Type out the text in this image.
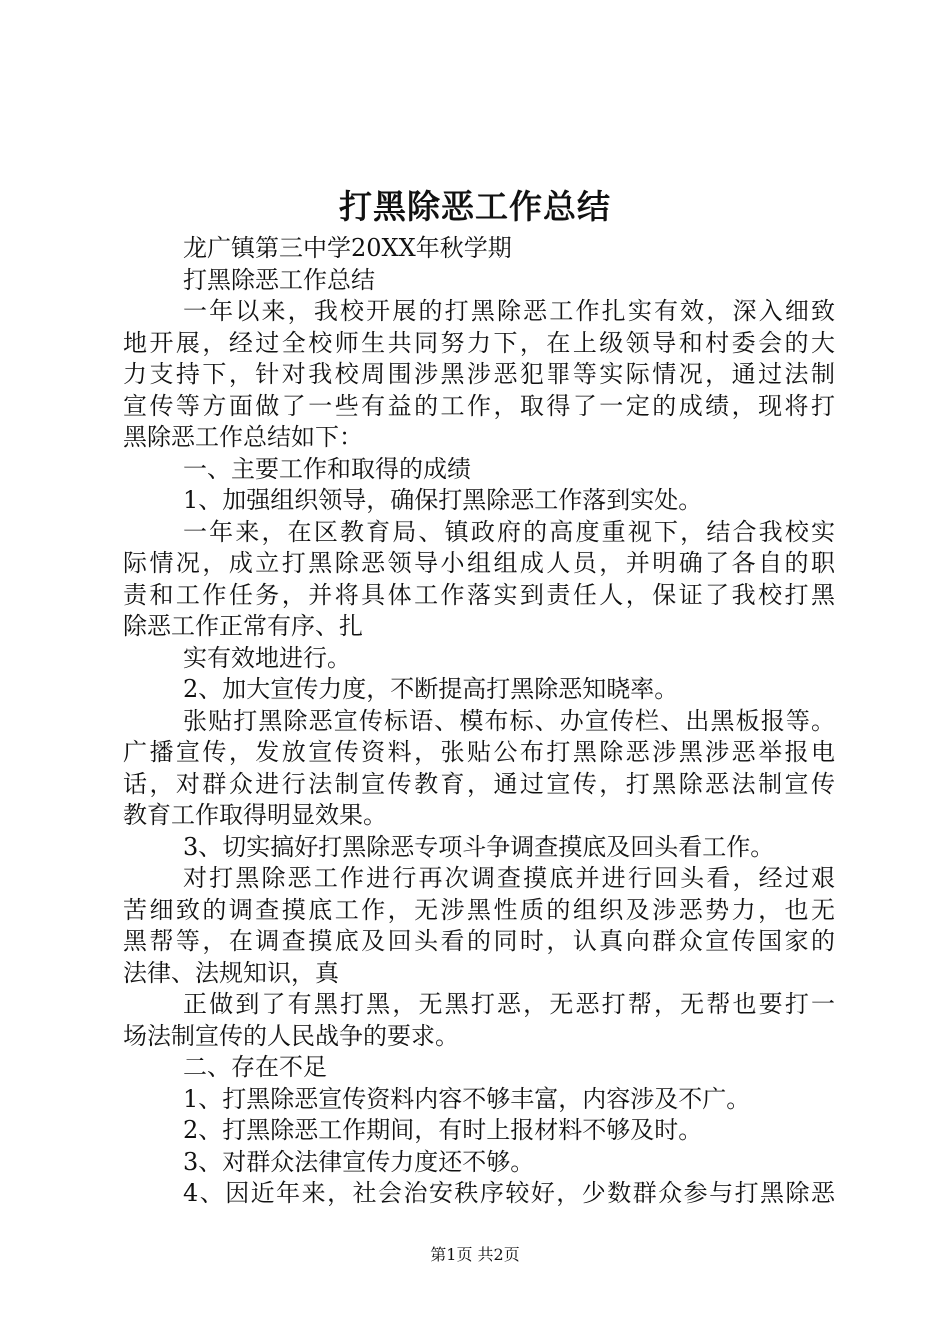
打黑除恶工作总结
龙广镇第三中学20XX年秋学期
打黑除恶工作总结
一年以来，我校开展的打黑除恶工作扎实有效，深入细致
地开展，经过全校师生共同努力下，在上级领导和村委会的大
力支持下，针对我校周围涉黑涉恶犯罪等实际情况，通过法制
宣传等方面做了一些有益的工作，取得了一定的成绩，现将打
黑除恶工作总结如下：
一、主要工作和取得的成绩
1、加强组织领导，确保打黑除恶工作落到实处。
一年来，在区教育局、镇政府的高度重视下，结合我校实
际情况，成立打黑除恶领导小组组成人员，并明确了各自的职
责和工作任务，并将具体工作落实到责任人，保证了我校打黑
除恶工作正常有序、扎
实有效地进行。
2、加大宣传力度，不断提高打黑除恶知晓率。
张贴打黑除恶宣传标语、模布标、办宣传栏、出黑板报等。
广播宣传，发放宣传资料，张贴公布打黑除恶涉黑涉恶举报电
话，对群众进行法制宣传教育，通过宣传，打黑除恶法制宣传
教育工作取得明显效果。
3、切实搞好打黑除恶专项斗争调查摸底及回头看工作。
对打黑除恶工作进行再次调查摸底并进行回头看，经过艰
苦细致的调查摸底工作，无涉黑性质的组织及涉恶势力，也无
黑帮等，在调查摸底及回头看的同时，认真向群众宣传国家的
法律、法规知识，真
正做到了有黑打黑，无黑打恶，无恶打帮，无帮也要打一
场法制宣传的人民战争的要求。
二、存在不足
1、打黑除恶宣传资料内容不够丰富，内容涉及不广。
2、打黑除恶工作期间，有时上报材料不够及时。
3、对群众法律宣传力度还不够。
4、因近年来，社会治安秩序较好，少数群众参与打黑除恶
第1页 共2页
